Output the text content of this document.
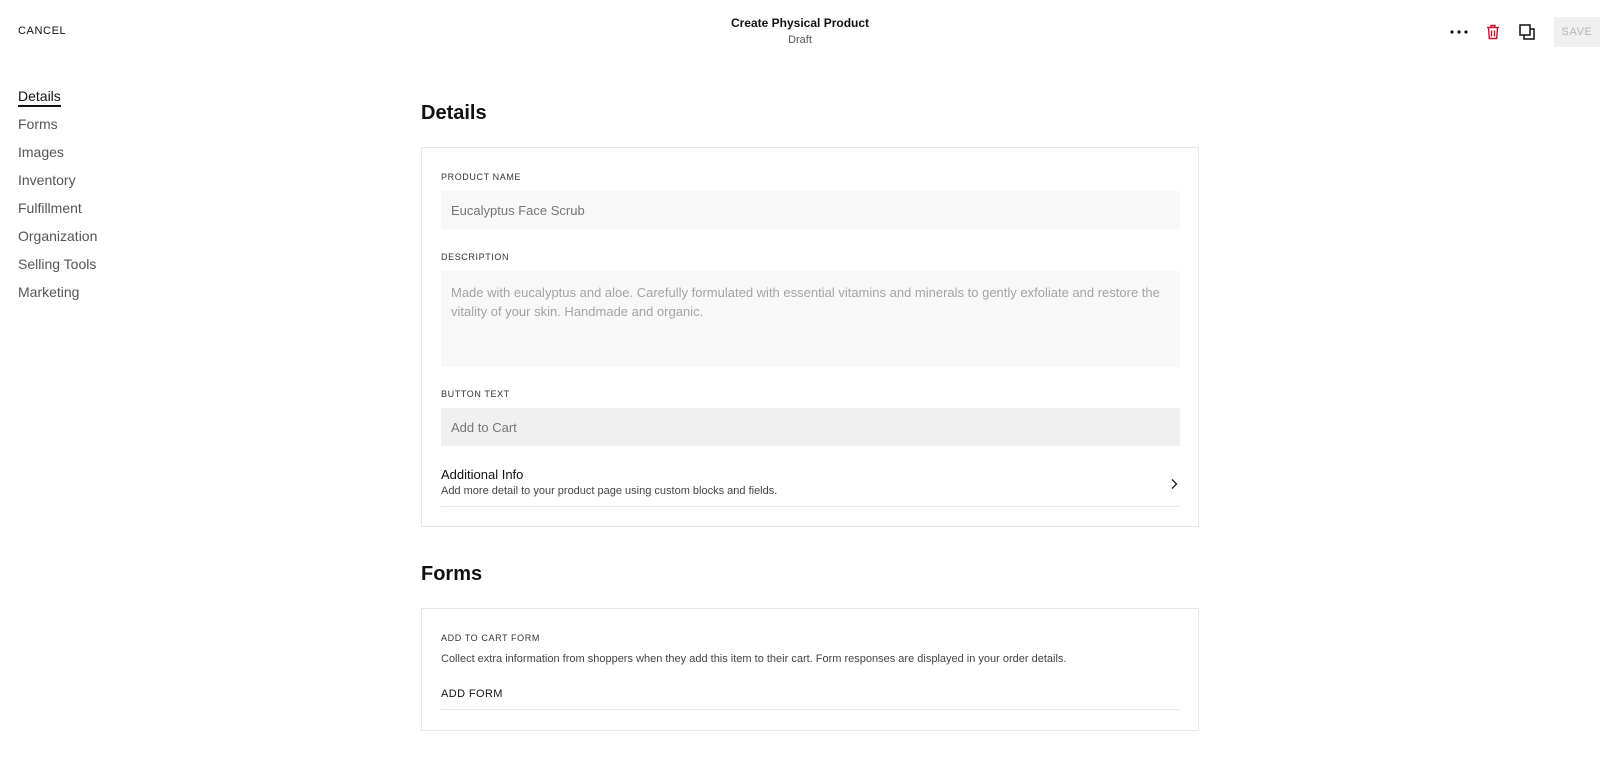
CANCEL
Create Physical Product
Draft
SAVE
Details
Forms
Images
Inventory
Fulfillment
Organization
Selling Tools
Marketing
Details
PRODUCT NAME
Eucalyptus Face Scrub
DESCRIPTION
Made with eucalyptus and aloe. Carefully formulated with essential vitamins and minerals to gently exfoliate and restore the vitality of your skin. Handmade and organic.
BUTTON TEXT
Add to Cart
Additional Info
Add more detail to your product page using custom blocks and fields.
Forms
ADD TO CART FORM
Collect extra information from shoppers when they add this item to their cart. Form responses are displayed in your order details.
ADD FORM
